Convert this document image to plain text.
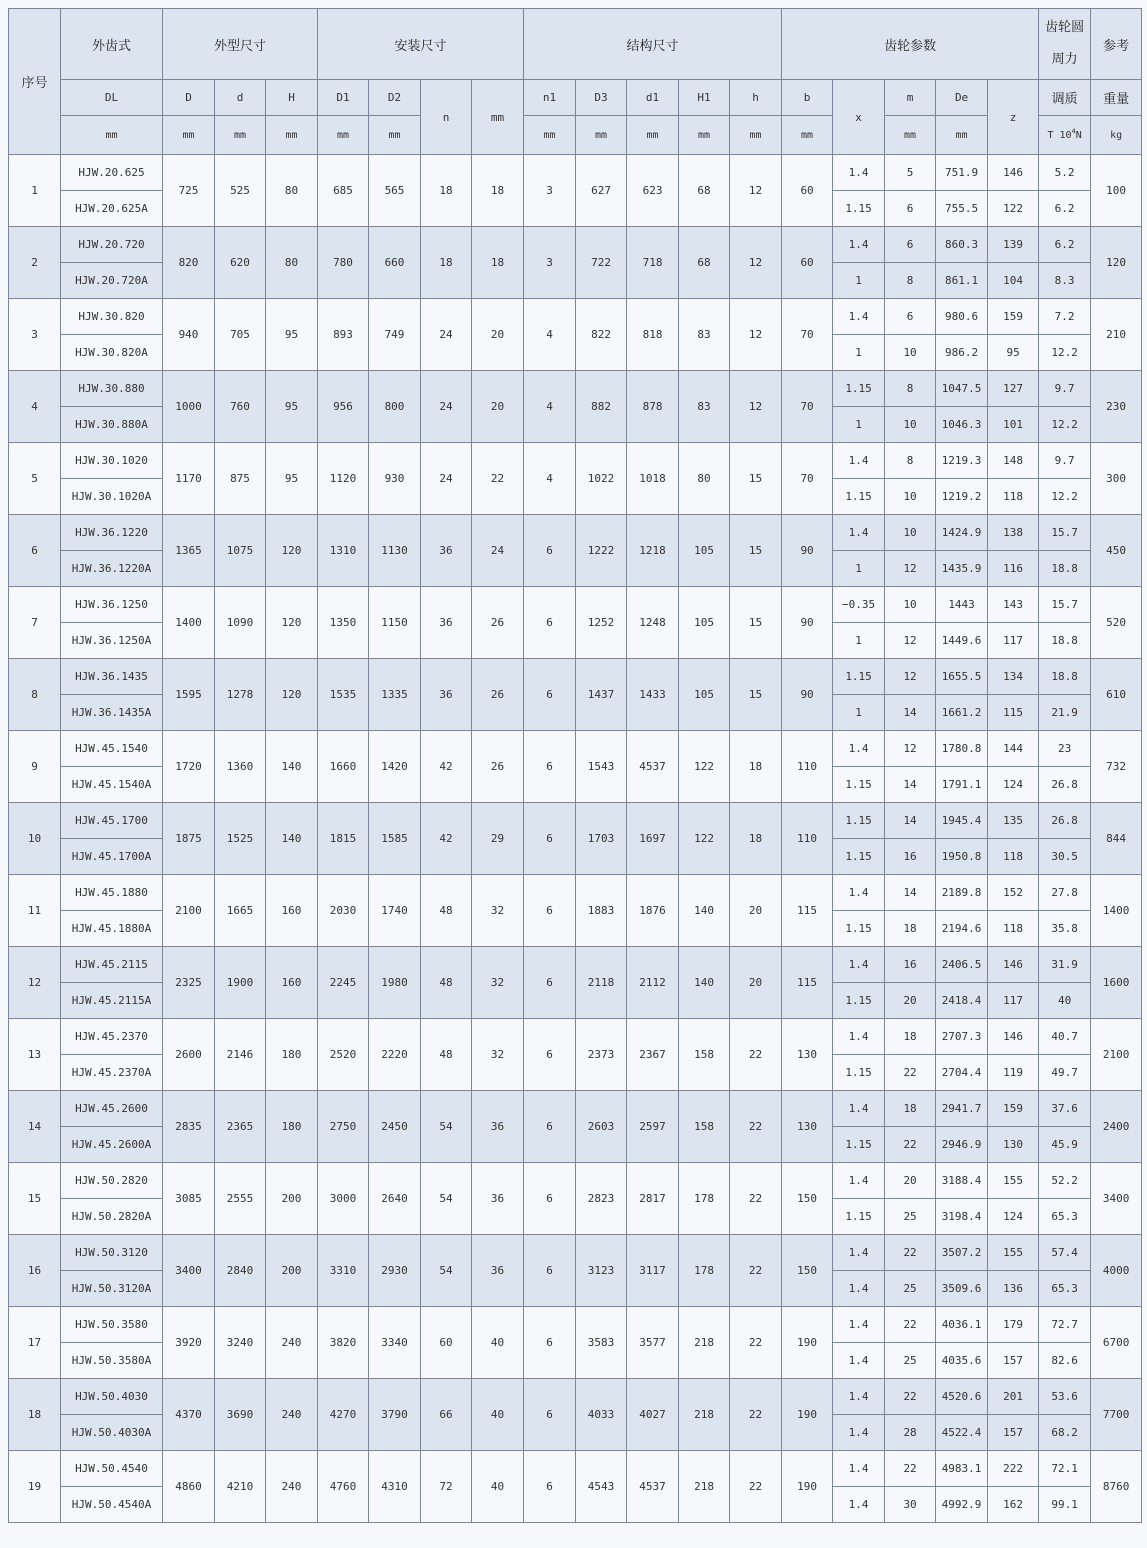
序号	外齿式	外型尺寸			安装尺寸				结构尺寸					齿轮参数					齿轮圆周力	参考
	DL	D	d	H	D1	D2	n	mm	n1	D3	d1	H1	h	b	x	m	De	z	调质	重量
	mm	mm	mm	mm	mm	mm			mm	mm	mm	mm	mm	mm		mm	mm		T $10^4N$	kg
1	HJW.20.625	725	525	80	685	565	18	18	3	627	623	68	12	60	1.4	5	751.9	146	5.2	100
	HJW.20.625A														1.15	6	755.5	122	6.2	
2	HJW.20.720	820	620	80	780	660	18	18	3	722	718	68	12	60	1.4	6	860.3	139	6.2	120
	HJW.20.720A														1	8	861.1	104	8.3	
3	HJW.30.820	940	705	95	893	749	24	20	4	822	818	83	12	70	1.4	6	980.6	159	7.2	210
	HJW.30.820A														1	10	986.2	95	12.2	
4	HJW.30.880	1000	760	95	956	800	24	20	4	882	878	83	12	70	1.15	8	1047.5	127	9.7	230
	HJW.30.880A														1	10	1046.3	101	12.2	
5	HJW.30.1020	1170	875	95	1120	930	24	22	4	1022	1018	80	15	70	1.4	8	1219.3	148	9.7	300
	HJW.30.1020A														1.15	10	1219.2	118	12.2	
6	HJW.36.1220	1365	1075	120	1310	1130	36	24	6	1222	1218	105	15	90	1.4	10	1424.9	138	15.7	450
	HJW.36.1220A														1	12	1435.9	116	18.8	
7	HJW.36.1250	1400	1090	120	1350	1150	36	26	6	1252	1248	105	15	90	−0.35	10	1443	143	15.7	520
	HJW.36.1250A														1	12	1449.6	117	18.8	
8	HJW.36.1435	1595	1278	120	1535	1335	36	26	6	1437	1433	105	15	90	1.15	12	1655.5	134	18.8	610
	HJW.36.1435A														1	14	1661.2	115	21.9	
9	HJW.45.1540	1720	1360	140	1660	1420	42	26	6	1543	4537	122	18	110	1.4	12	1780.8	144	23	732
	HJW.45.1540A														1.15	14	1791.1	124	26.8	
10	HJW.45.1700	1875	1525	140	1815	1585	42	29	6	1703	1697	122	18	110	1.15	14	1945.4	135	26.8	844
	HJW.45.1700A														1.15	16	1950.8	118	30.5	
11	HJW.45.1880	2100	1665	160	2030	1740	48	32	6	1883	1876	140	20	115	1.4	14	2189.8	152	27.8	1400
	HJW.45.1880A														1.15	18	2194.6	118	35.8	
12	HJW.45.2115	2325	1900	160	2245	1980	48	32	6	2118	2112	140	20	115	1.4	16	2406.5	146	31.9	1600
	HJW.45.2115A														1.15	20	2418.4	117	40	
13	HJW.45.2370	2600	2146	180	2520	2220	48	32	6	2373	2367	158	22	130	1.4	18	2707.3	146	40.7	2100
	HJW.45.2370A														1.15	22	2704.4	119	49.7	
14	HJW.45.2600	2835	2365	180	2750	2450	54	36	6	2603	2597	158	22	130	1.4	18	2941.7	159	37.6	2400
	HJW.45.2600A														1.15	22	2946.9	130	45.9	
15	HJW.50.2820	3085	2555	200	3000	2640	54	36	6	2823	2817	178	22	150	1.4	20	3188.4	155	52.2	3400
	HJW.50.2820A														1.15	25	3198.4	124	65.3	
16	HJW.50.3120	3400	2840	200	3310	2930	54	36	6	3123	3117	178	22	150	1.4	22	3507.2	155	57.4	4000
	HJW.50.3120A														1.4	25	3509.6	136	65.3	
17	HJW.50.3580	3920	3240	240	3820	3340	60	40	6	3583	3577	218	22	190	1.4	22	4036.1	179	72.7	6700
	HJW.50.3580A														1.4	25	4035.6	157	82.6	
18	HJW.50.4030	4370	3690	240	4270	3790	66	40	6	4033	4027	218	22	190	1.4	22	4520.6	201	53.6	7700
	HJW.50.4030A														1.4	28	4522.4	157	68.2	
19	HJW.50.4540	4860	4210	240	4760	4310	72	40	6	4543	4537	218	22	190	1.4	22	4983.1	222	72.1	8760
	HJW.50.4540A														1.4	30	4992.9	162	99.1	
